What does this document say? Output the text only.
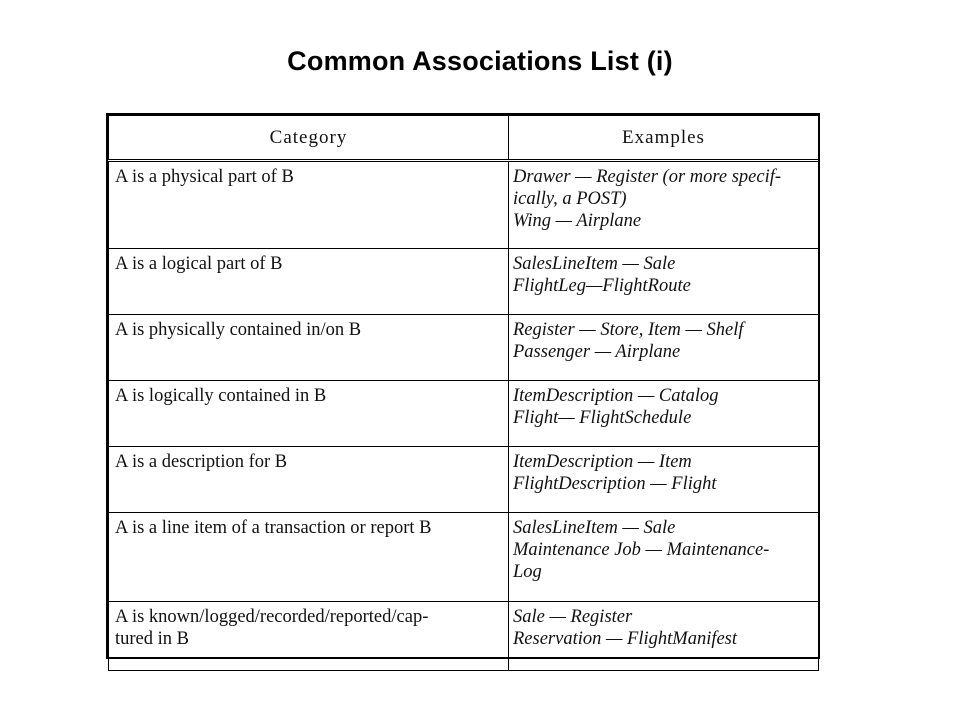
Common Associations List (i)
Category	Examples

A is a physical part of B	Drawer — Register (or more specif-
ically, a POST)
Wing — Airplane

A is a logical part of B	SalesLineItem — Sale
FlightLeg—FlightRoute

A is physically contained in/on B	Register — Store, Item — Shelf
Passenger — Airplane

A is logically contained in B	ItemDescription — Catalog
Flight— FlightSchedule

A is a description for B	ItemDescription — Item
FlightDescription — Flight

A is a line item of a transaction or report B	SalesLineItem — Sale
Maintenance Job — Maintenance-
Log

A is known/logged/recorded/reported/cap-
tured in B	Sale — Register
Reservation — FlightManifest
